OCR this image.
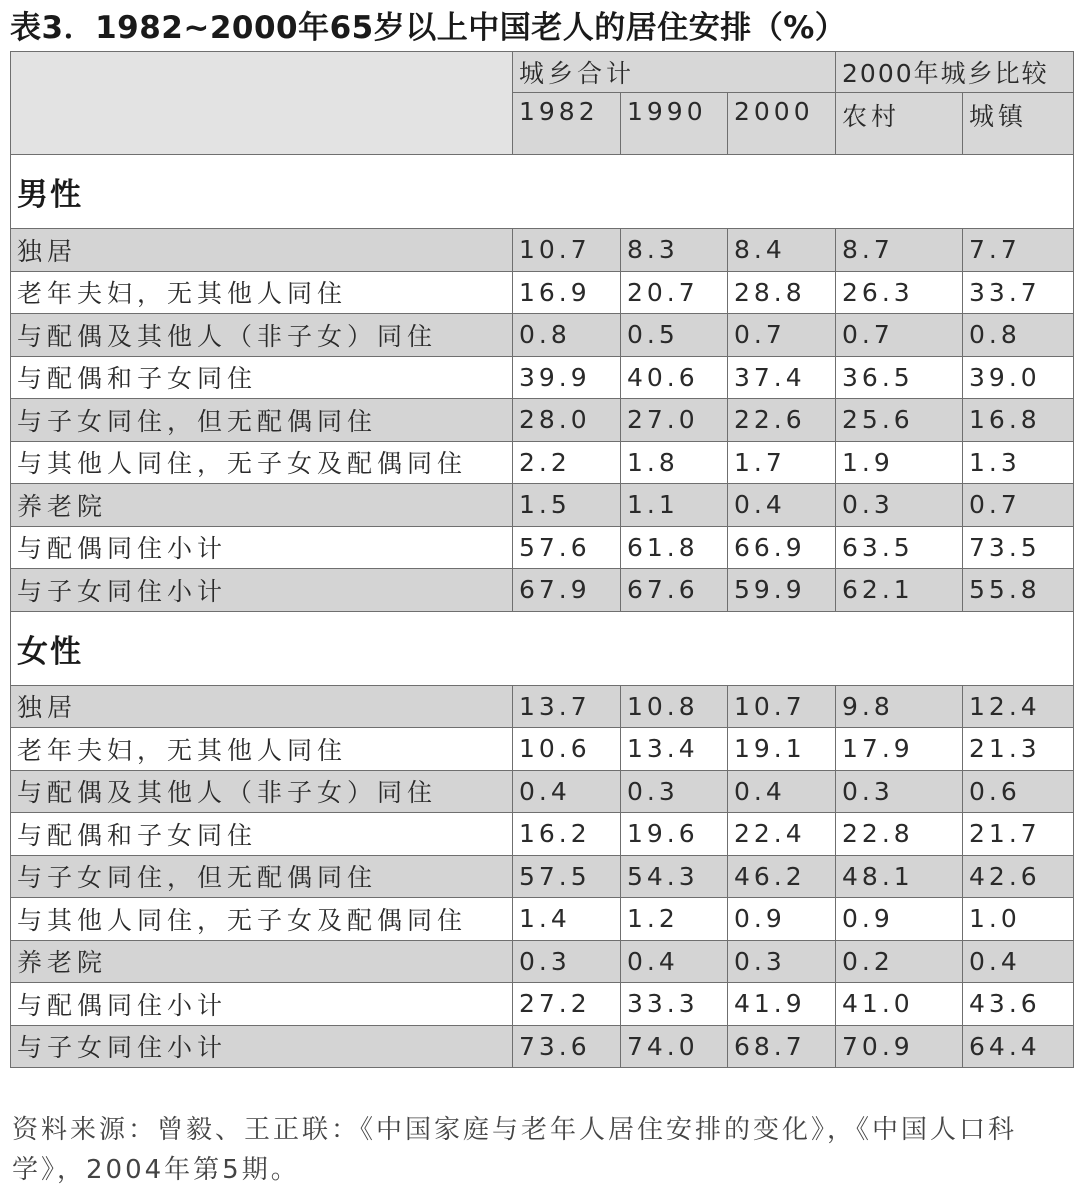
表3．1982~2000年65岁以上中国老人的居住安排（%）
	城乡合计			2000年城乡比较	
	1982	1990	2000	农村	城镇
男性					
独居	10.7	8.3	8.4	8.7	7.7
老年夫妇，无其他人同住	16.9	20.7	28.8	26.3	33.7
与配偶及其他人（非子女）同住	0.8	0.5	0.7	0.7	0.8
与配偶和子女同住	39.9	40.6	37.4	36.5	39.0
与子女同住，但无配偶同住	28.0	27.0	22.6	25.6	16.8
与其他人同住，无子女及配偶同住	2.2	1.8	1.7	1.9	1.3
养老院	1.5	1.1	0.4	0.3	0.7
与配偶同住小计	57.6	61.8	66.9	63.5	73.5
与子女同住小计	67.9	67.6	59.9	62.1	55.8
女性					
独居	13.7	10.8	10.7	9.8	12.4
老年夫妇，无其他人同住	10.6	13.4	19.1	17.9	21.3
与配偶及其他人（非子女）同住	0.4	0.3	0.4	0.3	0.6
与配偶和子女同住	16.2	19.6	22.4	22.8	21.7
与子女同住，但无配偶同住	57.5	54.3	46.2	48.1	42.6
与其他人同住，无子女及配偶同住	1.4	1.2	0.9	0.9	1.0
养老院	0.3	0.4	0.3	0.2	0.4
与配偶同住小计	27.2	33.3	41.9	41.0	43.6
与子女同住小计	73.6	74.0	68.7	70.9	64.4
资料来源：曾毅、王正联：《中国家庭与老年人居住安排的变化》，《中国人口科学》，2004年第5期。
